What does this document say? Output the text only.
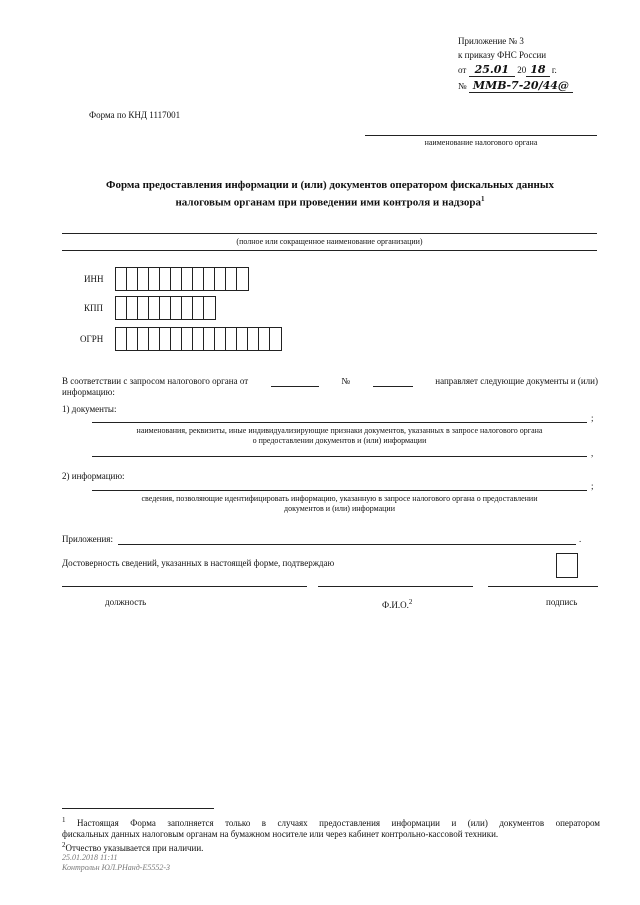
Приложение № 3
к приказу ФНС России
от 25.01 20 18 г.
№ ММВ-7-20/44@
Форма по КНД 1117001
наименование налогового органа
Форма предоставления информации и (или) документов оператором фискальных данных
налоговым органам при проведении ими контроля и надзора$^1$
(полное или сокращенное наименование организации)
ИНН
КПП
ОГРН
В соответствии с запросом налогового органа от	№	направляет следующие документы и (или)
информацию:
1) документы:
;
наименования, реквизиты, иные индивидуализирующие признаки документов, указанных в запросе налогового органа
о предоставлении документов и (или) информации
,
2) информацию:
;
сведения, позволяющие идентифицировать информацию, указанную в запросе налогового органа о предоставлении
документов и (или) информации
Приложения:	.
Достоверность сведений, указанных в настоящей форме, подтверждаю
должность	Ф.И.О.$^2$	подпись
$^1$ Настоящая Форма заполняется только в случаях предоставления информации и (или) документов оператором
фискальных данных налоговым органам на бумажном носителе или через кабинет контрольно-кассовой техники.
$^2$Отчество указывается при наличии.
25.01.2018 11:11
Контрольн ЮЛ.РНанд-E5552-3
